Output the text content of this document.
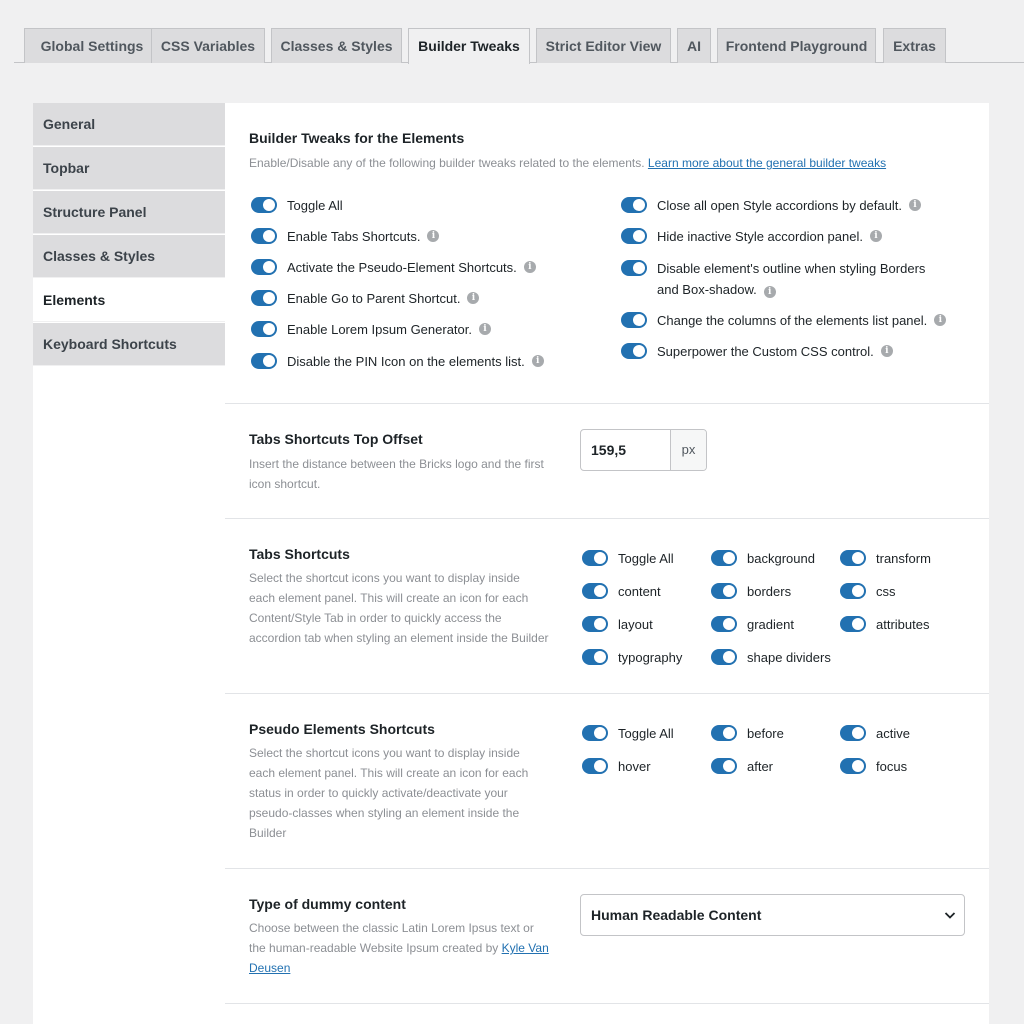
Global Settings	CSS Variables	Classes & Styles	Builder Tweaks	Strict Editor View	AI	Frontend Playground	Extras
General
Topbar
Structure Panel
Classes & Styles
Elements
Keyboard Shortcuts
Builder Tweaks for the Elements
Enable/Disable any of the following builder tweaks related to the elements. Learn more about the general builder tweaks
Toggle All
Enable Tabs Shortcuts.	i
Activate the Pseudo-Element Shortcuts.	i
Enable Go to Parent Shortcut.	i
Enable Lorem Ipsum Generator.	i
Disable the PIN Icon on the elements list.	i
Close all open Style accordions by default.	i
Hide inactive Style accordion panel.	i
Disable element's outline when styling Borders and Box-shadow. i
Change the columns of the elements list panel.	i
Superpower the Custom CSS control.	i
Tabs Shortcuts Top Offset
Insert the distance between the Bricks logo and the first icon shortcut.
159,5	px
Tabs Shortcuts
Select the shortcut icons you want to display inside each element panel. This will create an icon for each Content/Style Tab in order to quickly access the accordion tab when styling an element inside the Builder
Toggle All	background	transform
content	borders	css
layout	gradient	attributes
typography	shape dividers
Pseudo Elements Shortcuts
Select the shortcut icons you want to display inside each element panel. This will create an icon for each status in order to quickly activate/deactivate your pseudo-classes when styling an element inside the Builder
Toggle All	before	active
hover	after	focus
Type of dummy content
Choose between the classic Latin Lorem Ipsus text or the human-readable Website Ipsum created by Kyle Van Deusen
Human Readable Content
